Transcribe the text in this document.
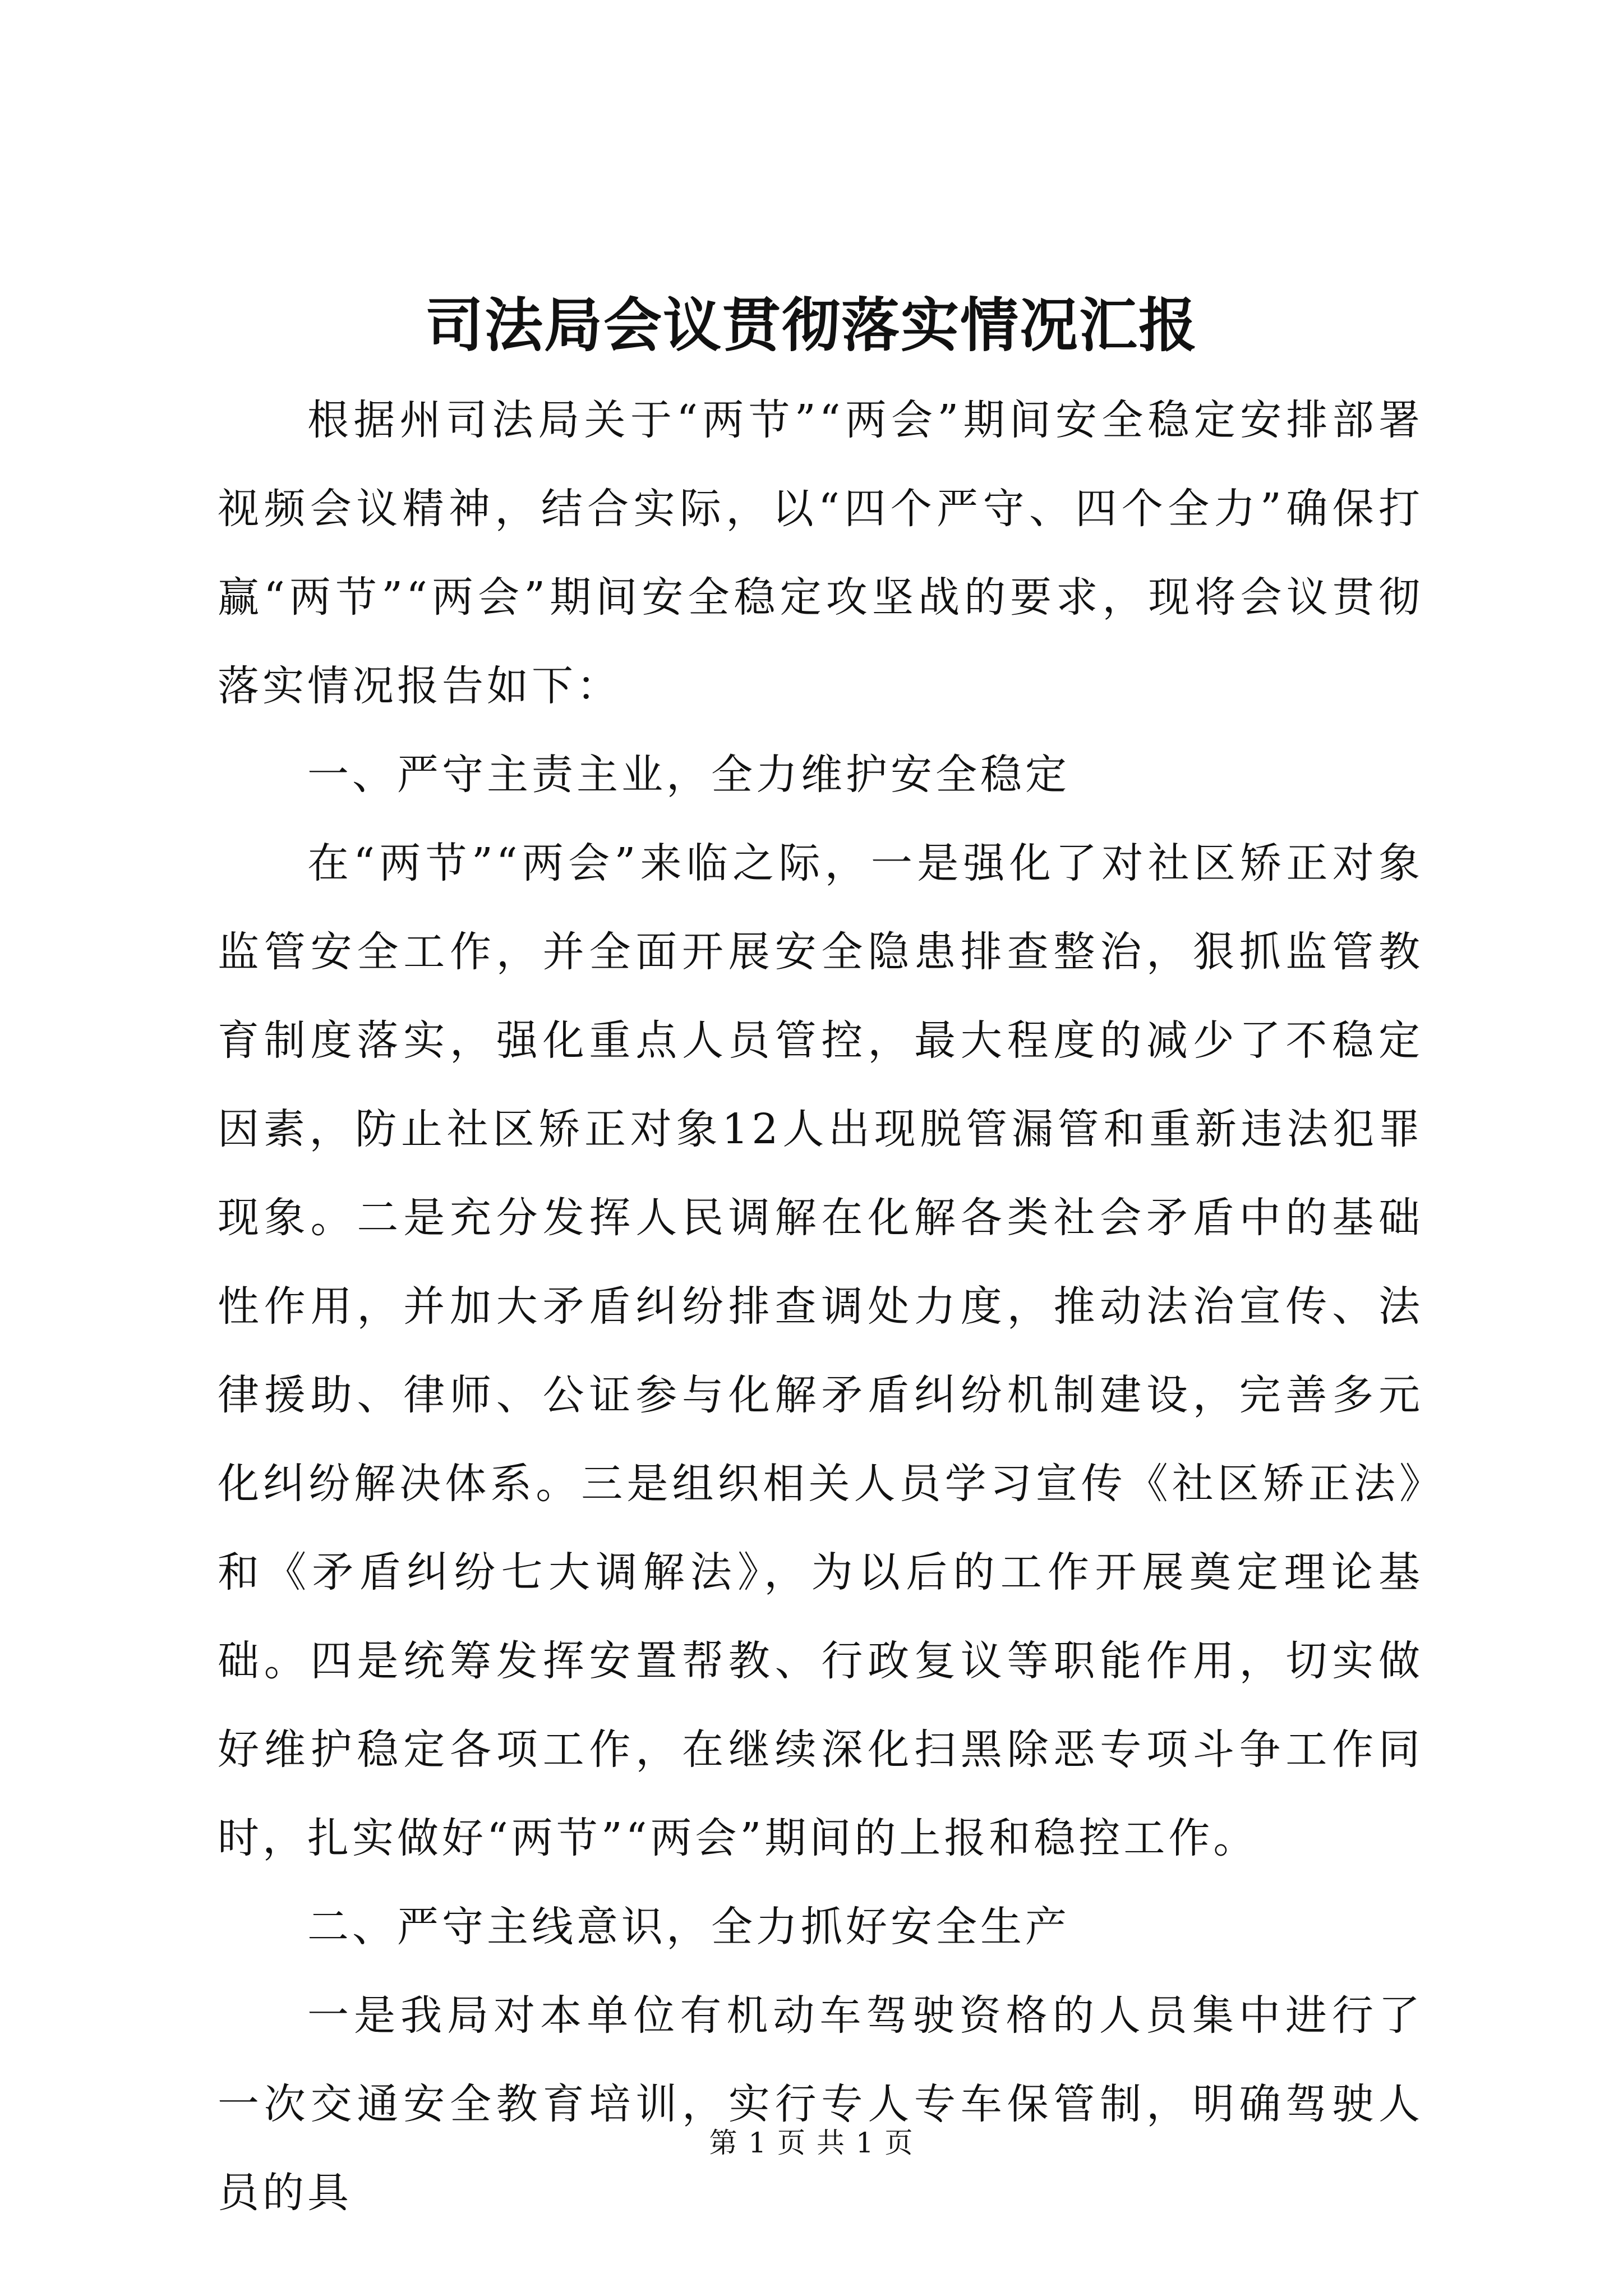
司法局会议贯彻落实情况汇报

根据州司法局关于“两节”“两会”期间安全稳定安排部署视频会议精神，结合实际，以“四个严守、四个全力”确保打赢“两节”“两会”期间安全稳定攻坚战的要求，现将会议贯彻落实情况报告如下：

一、严守主责主业，全力维护安全稳定

在“两节”“两会”来临之际，一是强化了对社区矫正对象监管安全工作，并全面开展安全隐患排查整治，狠抓监管教育制度落实，强化重点人员管控，最大程度的减少了不稳定因素，防止社区矫正对象12人出现脱管漏管和重新违法犯罪现象。二是充分发挥人民调解在化解各类社会矛盾中的基础性作用，并加大矛盾纠纷排查调处力度，推动法治宣传、法律援助、律师、公证参与化解矛盾纠纷机制建设，完善多元化纠纷解决体系。三是组织相关人员学习宣传《社区矫正法》和《矛盾纠纷七大调解法》，为以后的工作开展奠定理论基础。四是统筹发挥安置帮教、行政复议等职能作用，切实做好维护稳定各项工作，在继续深化扫黑除恶专项斗争工作同时，扎实做好“两节”“两会”期间的上报和稳控工作。

二、严守主线意识，全力抓好安全生产

一是我局对本单位有机动车驾驶资格的人员集中进行了一次交通安全教育培训，实行专人专车保管制，明确驾驶人员的具

第 1 页 共 1 页
